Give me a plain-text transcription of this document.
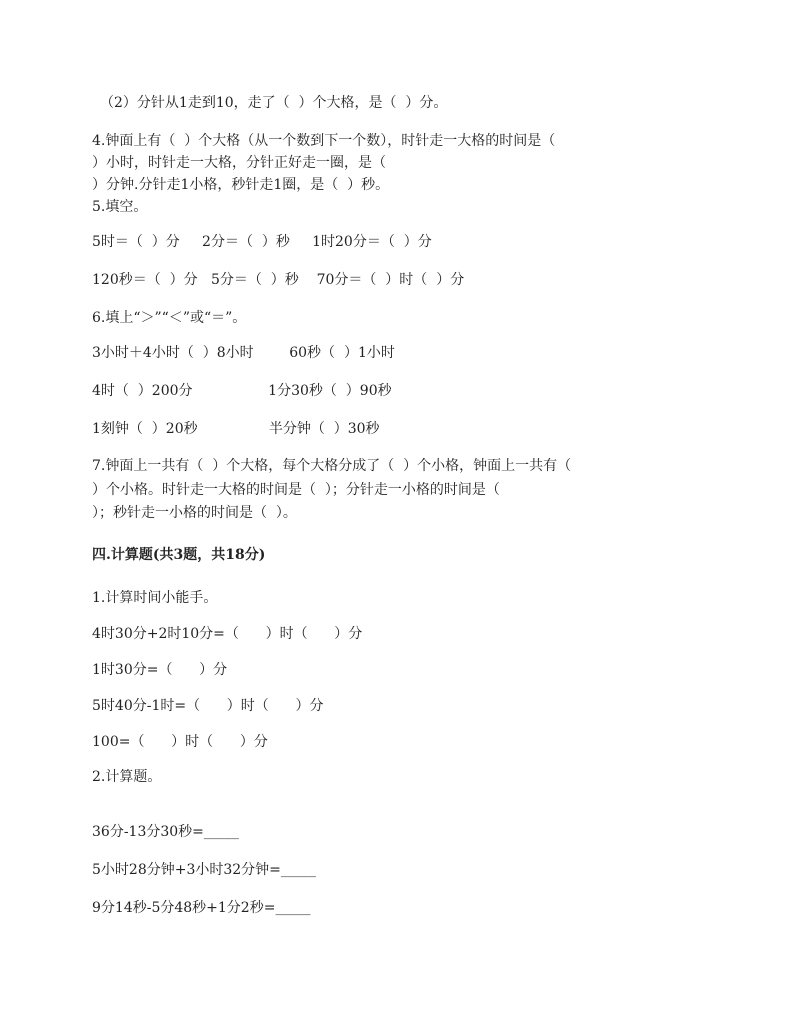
（2）分针从1走到10，走了（  ）个大格，是（  ）分。
4.钟面上有（  ）个大格（从一个数到下一个数），时针走一大格的时间是（
）小时，时针走一大格，分针正好走一圈，是（
）分钟.分针走1小格，秒针走1圈，是（  ）秒。
5.填空。
5时＝（  ）分     2分＝（  ）秒     1时20分＝（  ）分
120秒＝（  ）分   5分＝（  ）秒    70分＝（  ）时（  ）分
6.填上“＞”“＜”或“＝”。
3小时＋4小时（  ）8小时        60秒（  ）1小时
4时（  ）200分                 1分30秒（  ）90秒
1刻钟（  ）20秒                半分钟（  ）30秒
7.钟面上一共有（  ）个大格，每个大格分成了（  ）个小格，钟面上一共有（
）个小格。时针走一大格的时间是（  ）；分针走一小格的时间是（
）；秒针走一小格的时间是（  ）。
四.计算题(共3题，共18分)
1.计算时间小能手。
4时30分+2时10分=（      ）时（      ）分
1时30分=（      ）分
5时40分-1时=（      ）时（      ）分
100=（      ）时（      ）分
2.计算题。
36分-13分30秒=_____
5小时28分钟+3小时32分钟=_____
9分14秒-5分48秒+1分2秒=_____
